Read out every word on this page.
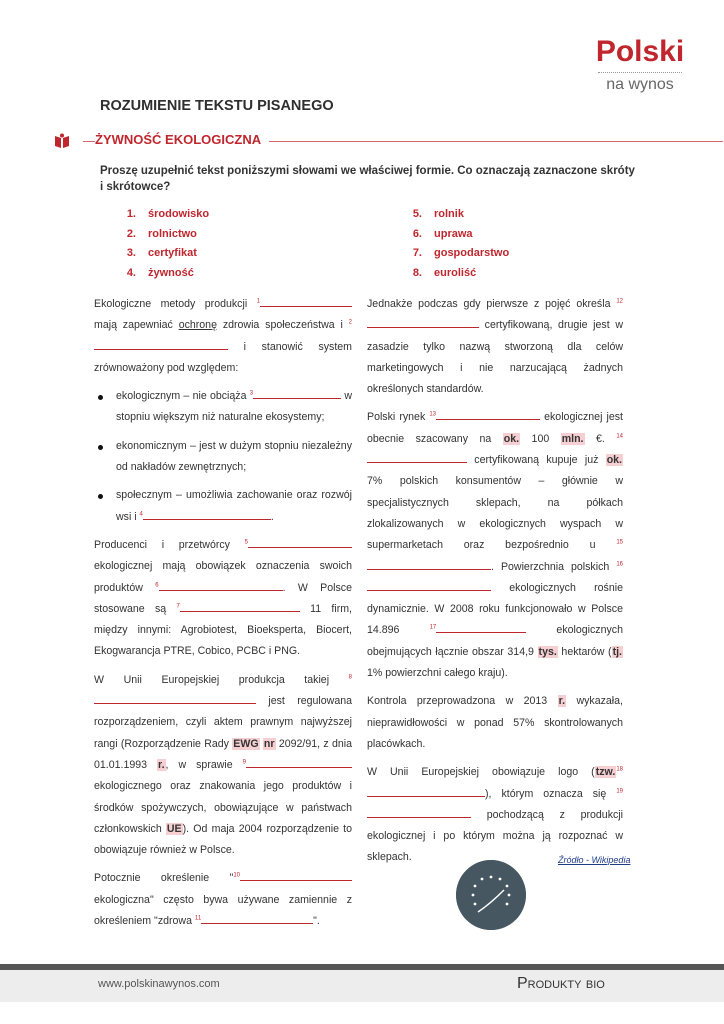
Polski
na wynos
ROZUMIENIE TEKSTU PISANEGO
ŻYWNOŚĆ EKOLOGICZNA
Proszę uzupełnić tekst poniższymi słowami we właściwej formie. Co oznaczają zaznaczone skróty i skrótowce?
1. środowisko
2. rolnictwo
3. certyfikat
4. żywność
5. rolnik
6. uprawa
7. gospodarstwo
8. euroliść

Ekologiczne metody produkcji $^1$ mają zapewniać ochronę zdrowia społeczeństwa i $^2$ i stanowić system zrównoważony pod względem:

ekologicznym – nie obciąża $^3$	w stopniu większym niż naturalne ekosystemy;

ekonomicznym – jest w dużym stopniu niezależny od nakładów zewnętrznych;

społecznym – umożliwia zachowanie oraz rozwój wsi i $^4$	.

Producenci i przetwórcy $^5$ ekologicznej mają obowiązek oznaczenia swoich produktów $^6$	. W Polsce stosowane są $^7$	11 firm, między innymi: Agrobiotest, Bioeksperta, Biocert, Ekogwarancja PTRE, Cobico, PCBC i PNG.

W Unii Europejskiej produkcja takiej $^8$ jest regulowana rozporządzeniem, czyli aktem prawnym najwyższej rangi (Rozporządzenie Rady EWG nr 2092/91, z dnia 01.01.1993 r., w sprawie $^9$ ekologicznego oraz znakowania jego produktów i środków spożywczych, obowiązujące w państwach członkowskich UE). Od maja 2004 rozporządzenie to obowiązuje również w Polsce.

Potocznie określenie "$^{10}$ ekologiczna" często bywa używane zamiennie z określeniem "zdrowa $^{11}$	".

Jednakże podczas gdy pierwsze z pojęć określa $^{12}$ certyfikowaną, drugie jest w zasadzie tylko nazwą stworzoną dla celów marketingowych i nie narzucającą żadnych określonych standardów.

Polski rynek $^{13}$	ekologicznej jest obecnie szacowany na ok. 100 mln. €. $^{14}$ certyfikowaną kupuje już ok. 7% polskich konsumentów – głównie w specjalistycznych sklepach, na półkach zlokalizowanych w ekologicznych wyspach w supermarketach oraz bezpośrednio u $^{15}$. Powierzchnia polskich $^{16}$ ekologicznych rośnie dynamicznie. W 2008 roku funkcjonowało w Polsce 14.896 $^{17}$	ekologicznych obejmujących łącznie obszar 314,9 tys. hektarów (tj. 1% powierzchni całego kraju).

Kontrola przeprowadzona w 2013 r. wykazała, nieprawidłowości w ponad 57% skontrolowanych placówkach.

W Unii Europejskiej obowiązuje logo (tzw.$^{18}$), którym oznacza się $^{19}$ pochodzącą z produkcji ekologicznej i po którym można ją rozpoznać w sklepach.	Źródło - Wikipedia
www.polskinawynos.com	Produkty bio
